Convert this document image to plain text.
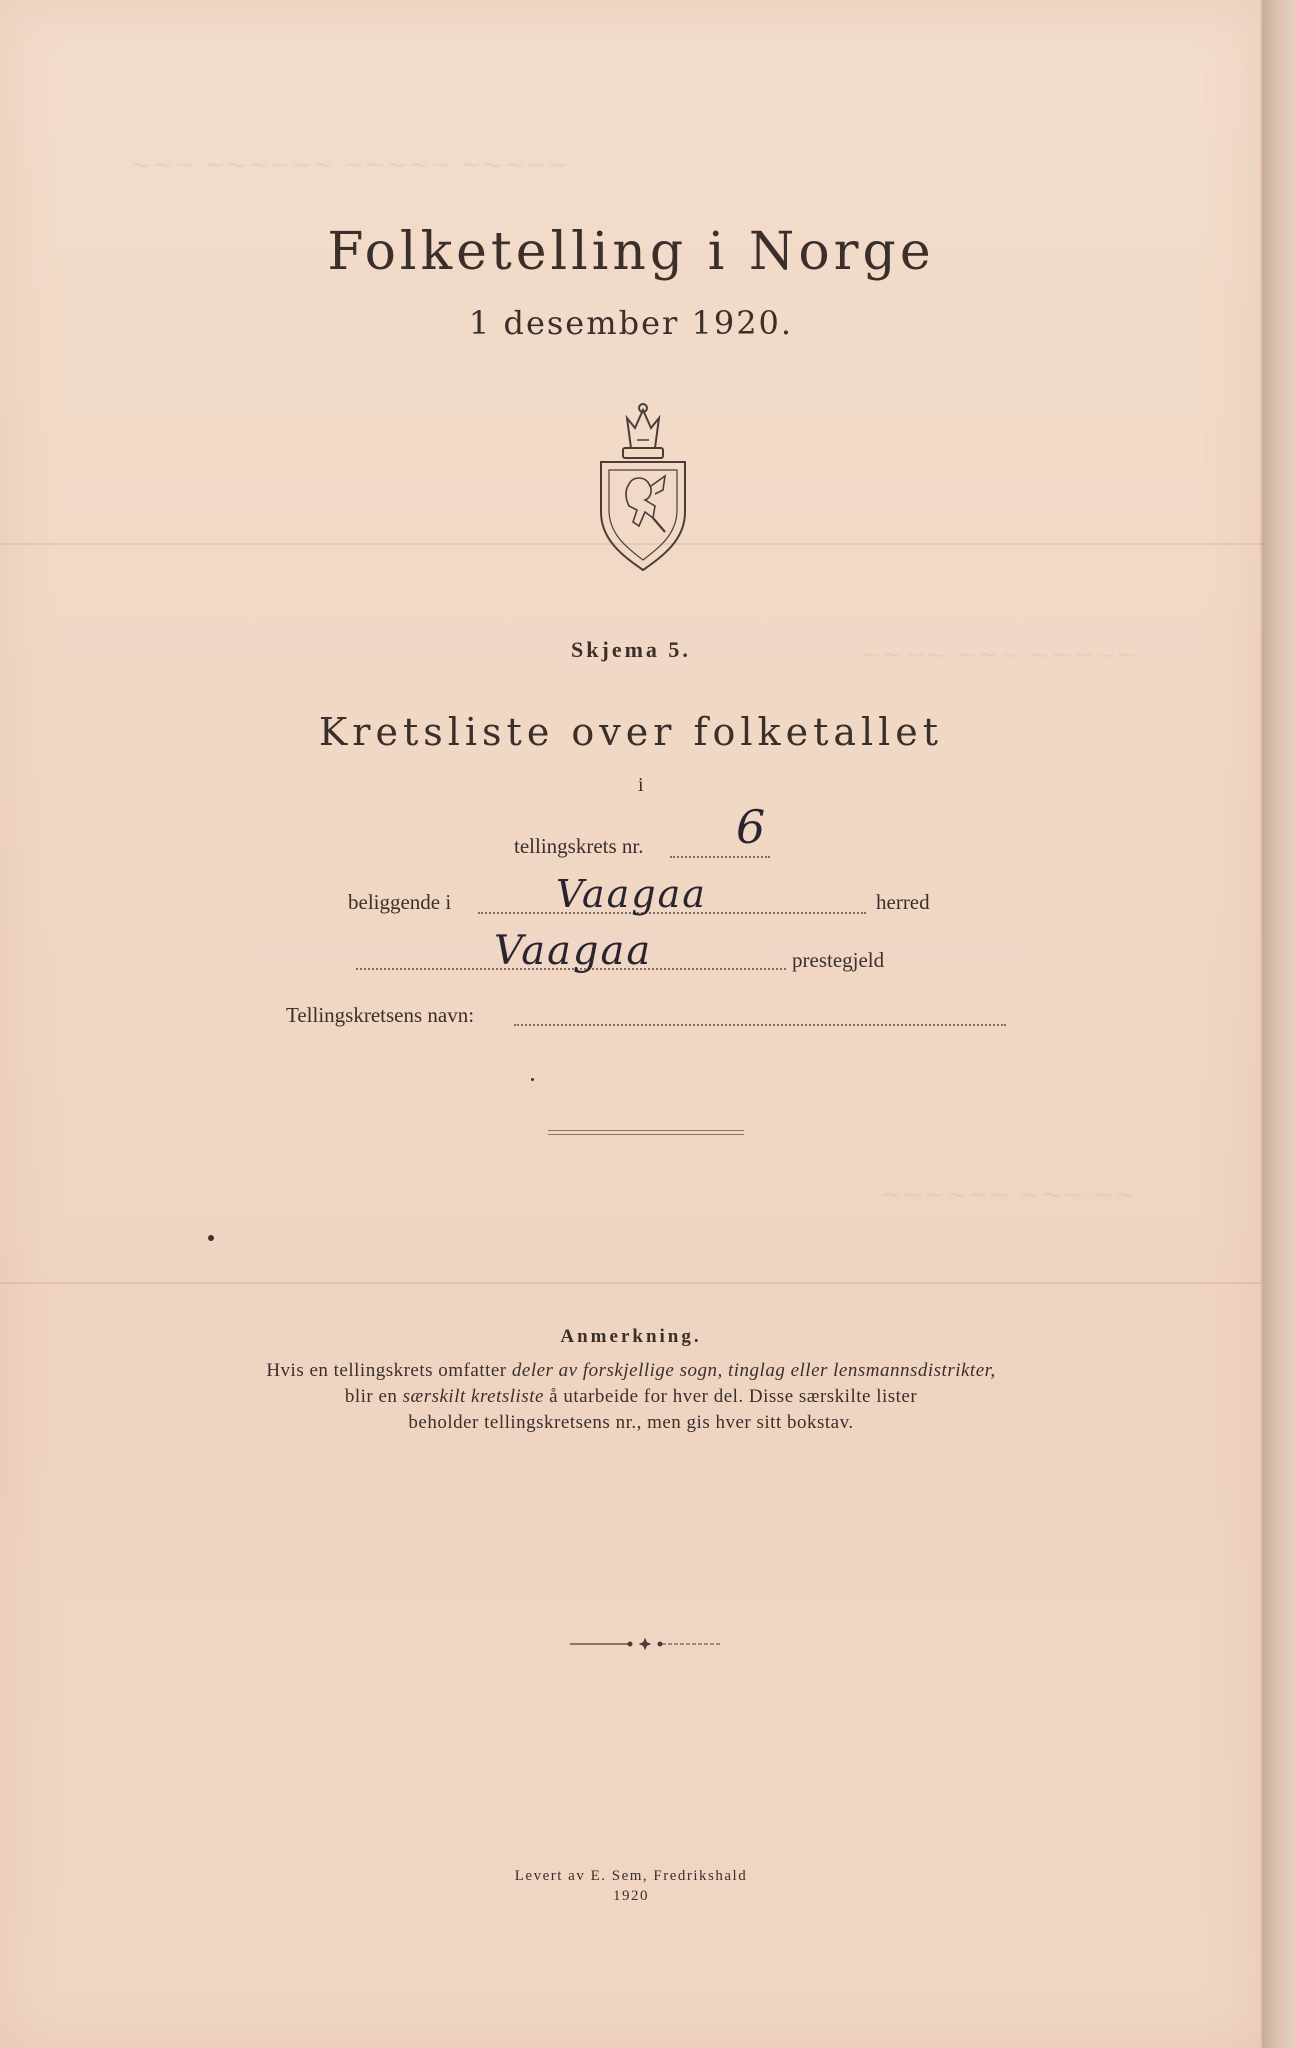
~~~ ~~~~~~ ~~~~~ ~~~~~
~~~~ ~~~ ~~~~~
~~~~~~ ~~~ ~~
Folketelling i Norge
1 desember 1920.
Skjema 5.
Kretsliste over folketallet
i
tellingskrets nr. 6
beliggende i	Vaagaa	herred
Vaagaa	prestegjeld
Tellingskretsens navn:
Anmerkning.
Hvis en tellingskrets omfatter deler av forskjellige sogn, tinglag eller lensmannsdistrikter,
blir en særskilt kretsliste å utarbeide for hver del. Disse særskilte lister
beholder tellingskretsens nr., men gis hver sitt bokstav.
Levert av E. Sem, Fredrikshald
1920
